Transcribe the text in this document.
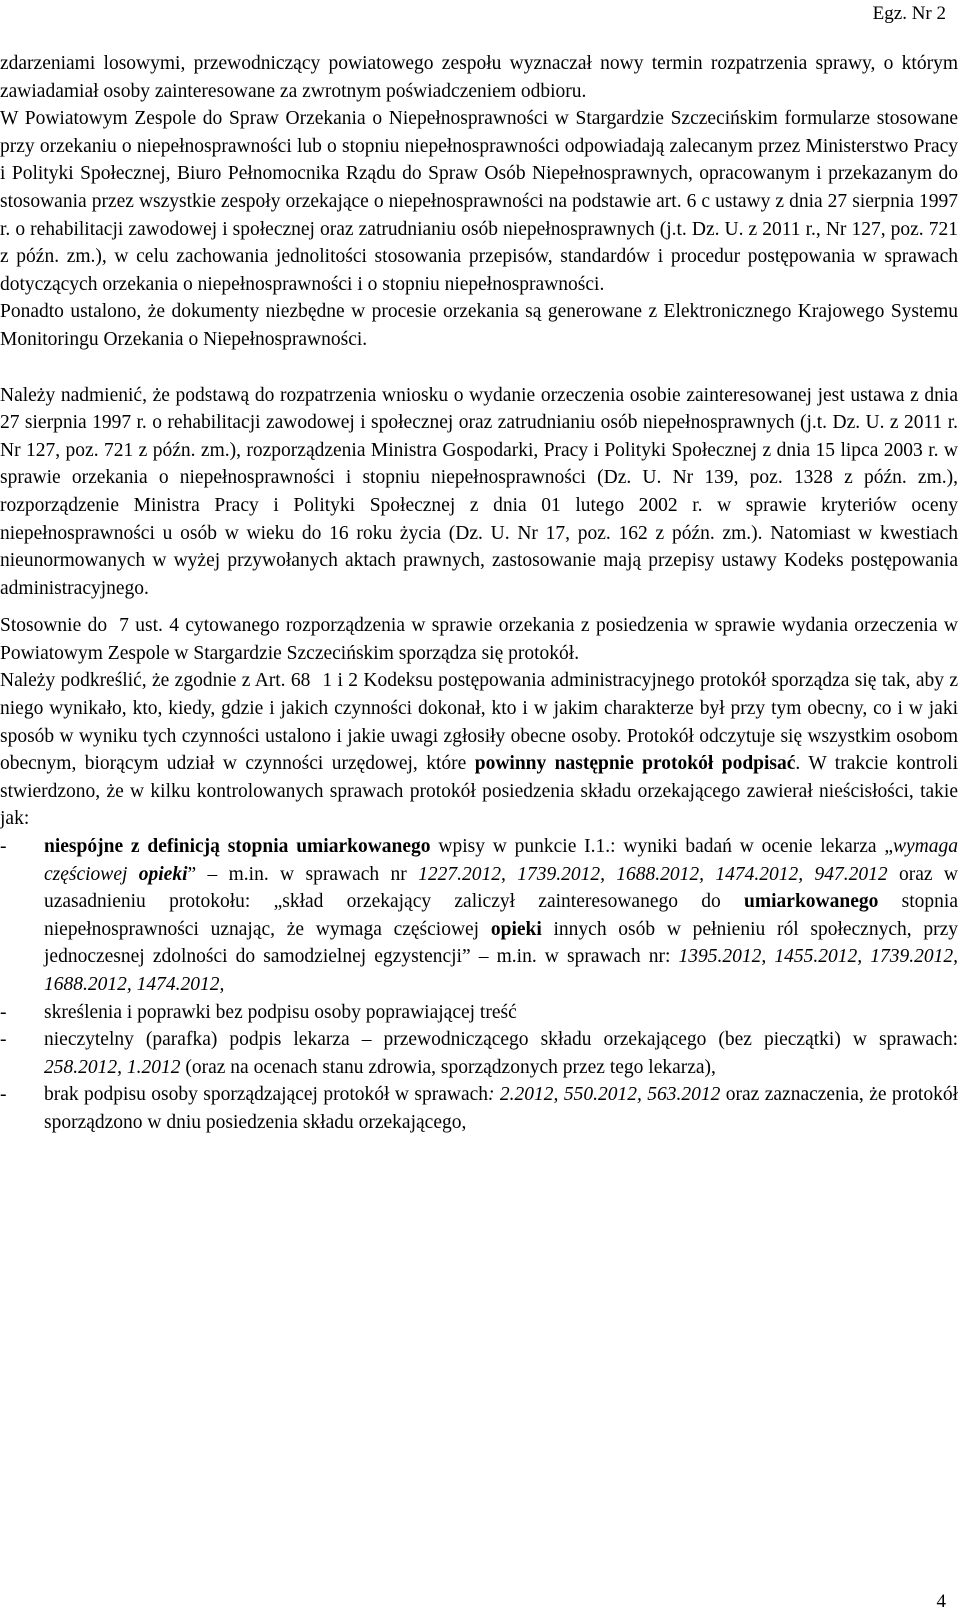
Egz. Nr 2

zdarzeniami losowymi, przewodniczący powiatowego zespołu wyznaczał nowy termin rozpatrzenia sprawy, o którym zawiadamiał osoby zainteresowane za zwrotnym poświadczeniem odbioru.

W Powiatowym Zespole do Spraw Orzekania o Niepełnosprawności w Stargardzie Szczecińskim formularze stosowane przy orzekaniu o niepełnosprawności lub o stopniu niepełnosprawności odpowiadają zalecanym przez Ministerstwo Pracy i Polityki Społecznej, Biuro Pełnomocnika Rządu do Spraw Osób Niepełnosprawnych, opracowanym i przekazanym do stosowania przez wszystkie zespoły orzekające o niepełnosprawności na podstawie art. 6 c ustawy z dnia 27 sierpnia 1997 r. o rehabilitacji zawodowej i społecznej oraz zatrudnianiu osób niepełnosprawnych (j.t. Dz. U. z 2011 r., Nr 127, poz. 721 z późn. zm.), w celu zachowania jednolitości stosowania przepisów, standardów i procedur postępowania w sprawach dotyczących orzekania o niepełnosprawności i o stopniu niepełnosprawności.

Ponadto ustalono, że dokumenty niezbędne w procesie orzekania są generowane z Elektronicznego Krajowego Systemu Monitoringu Orzekania o Niepełnosprawności.

Należy nadmienić, że podstawą do rozpatrzenia wniosku o wydanie orzeczenia osobie zainteresowanej jest ustawa z dnia 27 sierpnia 1997 r. o rehabilitacji zawodowej i społecznej oraz zatrudnianiu osób niepełnosprawnych (j.t. Dz. U. z 2011 r. Nr 127, poz. 721 z późn. zm.), rozporządzenia Ministra Gospodarki, Pracy i Polityki Społecznej z dnia 15 lipca 2003 r. w sprawie orzekania o niepełnosprawności i stopniu niepełnosprawności (Dz. U. Nr 139, poz. 1328 z późn. zm.), rozporządzenie Ministra Pracy i Polityki Społecznej z dnia 01 lutego 2002 r. w sprawie kryteriów oceny niepełnosprawności u osób w wieku do 16 roku życia (Dz. U. Nr 17, poz. 162 z późn. zm.). Natomiast w kwestiach nieunormowanych w wyżej przywołanych aktach prawnych, zastosowanie mają przepisy ustawy Kodeks postępowania administracyjnego.

Stosownie do 7 ust. 4 cytowanego rozporządzenia w sprawie orzekania z posiedzenia w sprawie wydania orzeczenia w Powiatowym Zespole w Stargardzie Szczecińskim sporządza się protokół.

Należy podkreślić, że zgodnie z Art. 68 1 i 2 Kodeksu postępowania administracyjnego protokół sporządza się tak, aby z niego wynikało, kto, kiedy, gdzie i jakich czynności dokonał, kto i w jakim charakterze był przy tym obecny, co i w jaki sposób w wyniku tych czynności ustalono i jakie uwagi zgłosiły obecne osoby. Protokół odczytuje się wszystkim osobom obecnym, biorącym udział w czynności urzędowej, które powinny następnie protokół podpisać. W trakcie kontroli stwierdzono, że w kilku kontrolowanych sprawach protokół posiedzenia składu orzekającego zawierał nieścisłości, takie jak:

- niespójne z definicją stopnia umiarkowanego wpisy w punkcie I.1.: wyniki badań w ocenie lekarza „wymaga częściowej opieki” – m.in. w sprawach nr 1227.2012, 1739.2012, 1688.2012, 1474.2012, 947.2012 oraz w uzasadnieniu protokołu: „skład orzekający zaliczył zainteresowanego do umiarkowanego stopnia niepełnosprawności uznając, że wymaga częściowej opieki innych osób w pełnieniu ról społecznych, przy jednoczesnej zdolności do samodzielnej egzystencji” – m.in. w sprawach nr: 1395.2012, 1455.2012, 1739.2012, 1688.2012, 1474.2012,
- skreślenia i poprawki bez podpisu osoby poprawiającej treść
- nieczytelny (parafka) podpis lekarza – przewodniczącego składu orzekającego (bez pieczątki) w sprawach: 258.2012, 1.2012 (oraz na ocenach stanu zdrowia, sporządzonych przez tego lekarza),
- brak podpisu osoby sporządzającej protokół w sprawach: 2.2012, 550.2012, 563.2012 oraz zaznaczenia, że protokół sporządzono w dniu posiedzenia składu orzekającego,
4
